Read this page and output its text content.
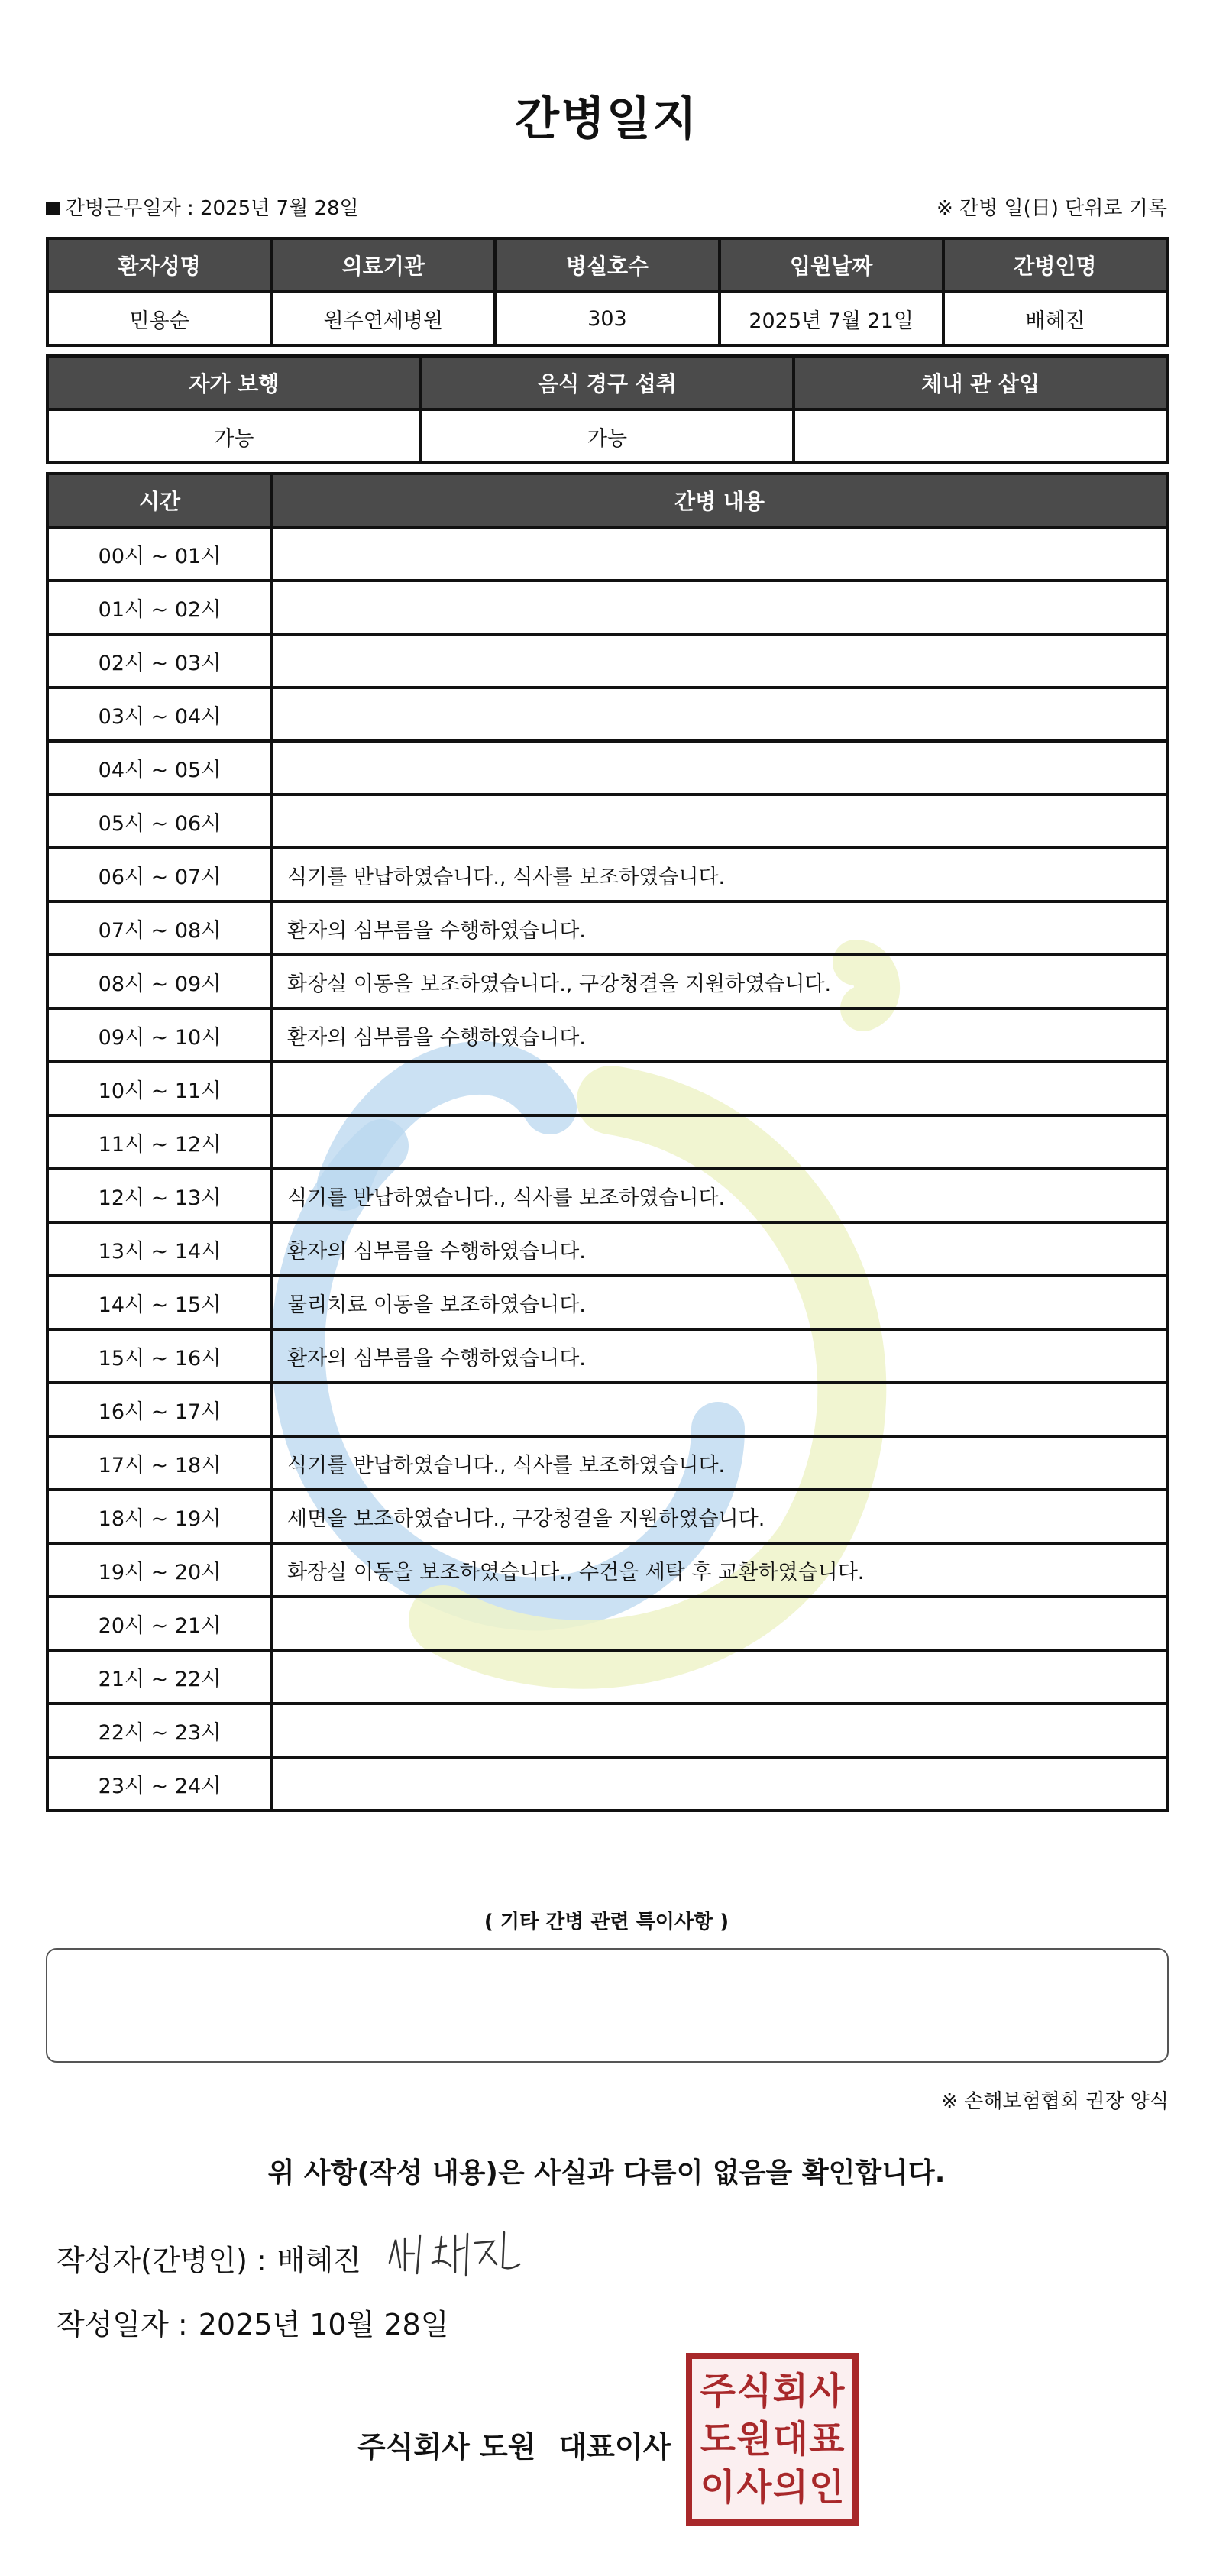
간병일지
간병근무일자 : 2025년 7월 28일	※ 간병 일(日) 단위로 기록
환자성명	의료기관	병실호수	입원날짜	간병인명
민용순	원주연세병원	303	2025년 7월 21일	배혜진
자가 보행	음식 경구 섭취	체내 관 삽입
가능	가능	
시간	간병 내용
00시 ~ 01시	
01시 ~ 02시	
02시 ~ 03시	
03시 ~ 04시	
04시 ~ 05시	
05시 ~ 06시	
06시 ~ 07시	식기를 반납하였습니다., 식사를 보조하였습니다.
07시 ~ 08시	환자의 심부름을 수행하였습니다.
08시 ~ 09시	화장실 이동을 보조하였습니다., 구강청결을 지원하였습니다.
09시 ~ 10시	환자의 심부름을 수행하였습니다.
10시 ~ 11시	
11시 ~ 12시	
12시 ~ 13시	식기를 반납하였습니다., 식사를 보조하였습니다.
13시 ~ 14시	환자의 심부름을 수행하였습니다.
14시 ~ 15시	물리치료 이동을 보조하였습니다.
15시 ~ 16시	환자의 심부름을 수행하였습니다.
16시 ~ 17시	
17시 ~ 18시	식기를 반납하였습니다., 식사를 보조하였습니다.
18시 ~ 19시	세면을 보조하였습니다., 구강청결을 지원하였습니다.
19시 ~ 20시	화장실 이동을 보조하였습니다., 수건을 세탁 후 교환하였습니다.
20시 ~ 21시	
21시 ~ 22시	
22시 ~ 23시	
23시 ~ 24시	
( 기타 간병 관련 특이사항 )
※ 손해보험협회 권장 양식
위 사항(작성 내용)은 사실과 다름이 없음을 확인합니다.
작성자(간병인) : 배혜진
작성일자 : 2025년 10월 28일
주식회사 도원 대표이사
주 식 회 사
도 원 대 표
이 사 의 인
